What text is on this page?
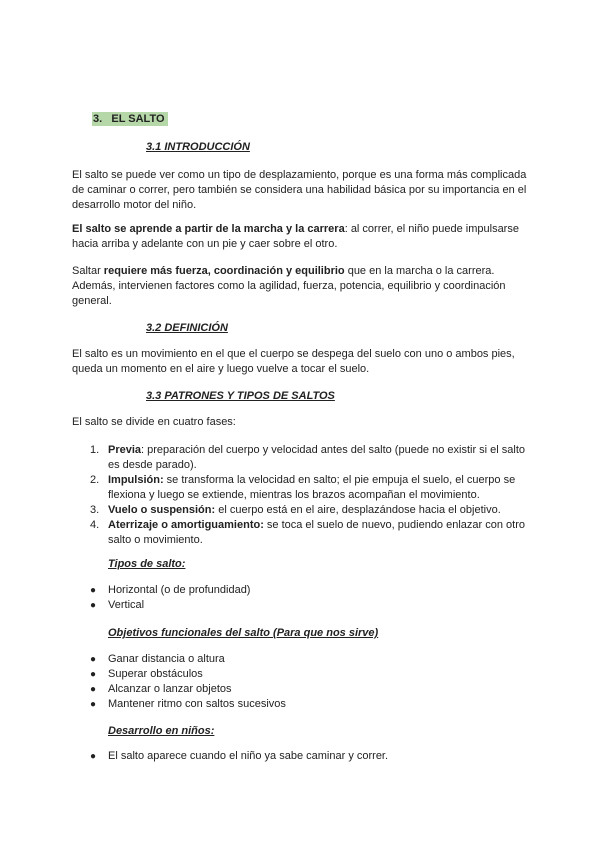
3. EL SALTO
3.1 INTRODUCCIÓN
El salto se puede ver como un tipo de desplazamiento, porque es una forma más complicada de caminar o correr, pero también se considera una habilidad básica por su importancia en el desarrollo motor del niño.
El salto se aprende a partir de la marcha y la carrera: al correr, el niño puede impulsarse hacia arriba y adelante con un pie y caer sobre el otro.
Saltar requiere más fuerza, coordinación y equilibrio que en la marcha o la carrera. Además, intervienen factores como la agilidad, fuerza, potencia, equilibrio y coordinación general.
3.2 DEFINICIÓN
El salto es un movimiento en el que el cuerpo se despega del suelo con uno o ambos pies, queda un momento en el aire y luego vuelve a tocar el suelo.
3.3 PATRONES Y TIPOS DE SALTOS
El salto se divide en cuatro fases:
1. Previa: preparación del cuerpo y velocidad antes del salto (puede no existir si el salto es desde parado).
2. Impulsión: se transforma la velocidad en salto; el pie empuja el suelo, el cuerpo se flexiona y luego se extiende, mientras los brazos acompañan el movimiento.
3. Vuelo o suspensión: el cuerpo está en el aire, desplazándose hacia el objetivo.
4. Aterrizaje o amortiguamiento: se toca el suelo de nuevo, pudiendo enlazar con otro salto o movimiento.
Tipos de salto:
● Horizontal (o de profundidad)
● Vertical
Objetivos funcionales del salto (Para que nos sirve)
● Ganar distancia o altura
● Superar obstáculos
● Alcanzar o lanzar objetos
● Mantener ritmo con saltos sucesivos
Desarrollo en niños:
● El salto aparece cuando el niño ya sabe caminar y correr.
